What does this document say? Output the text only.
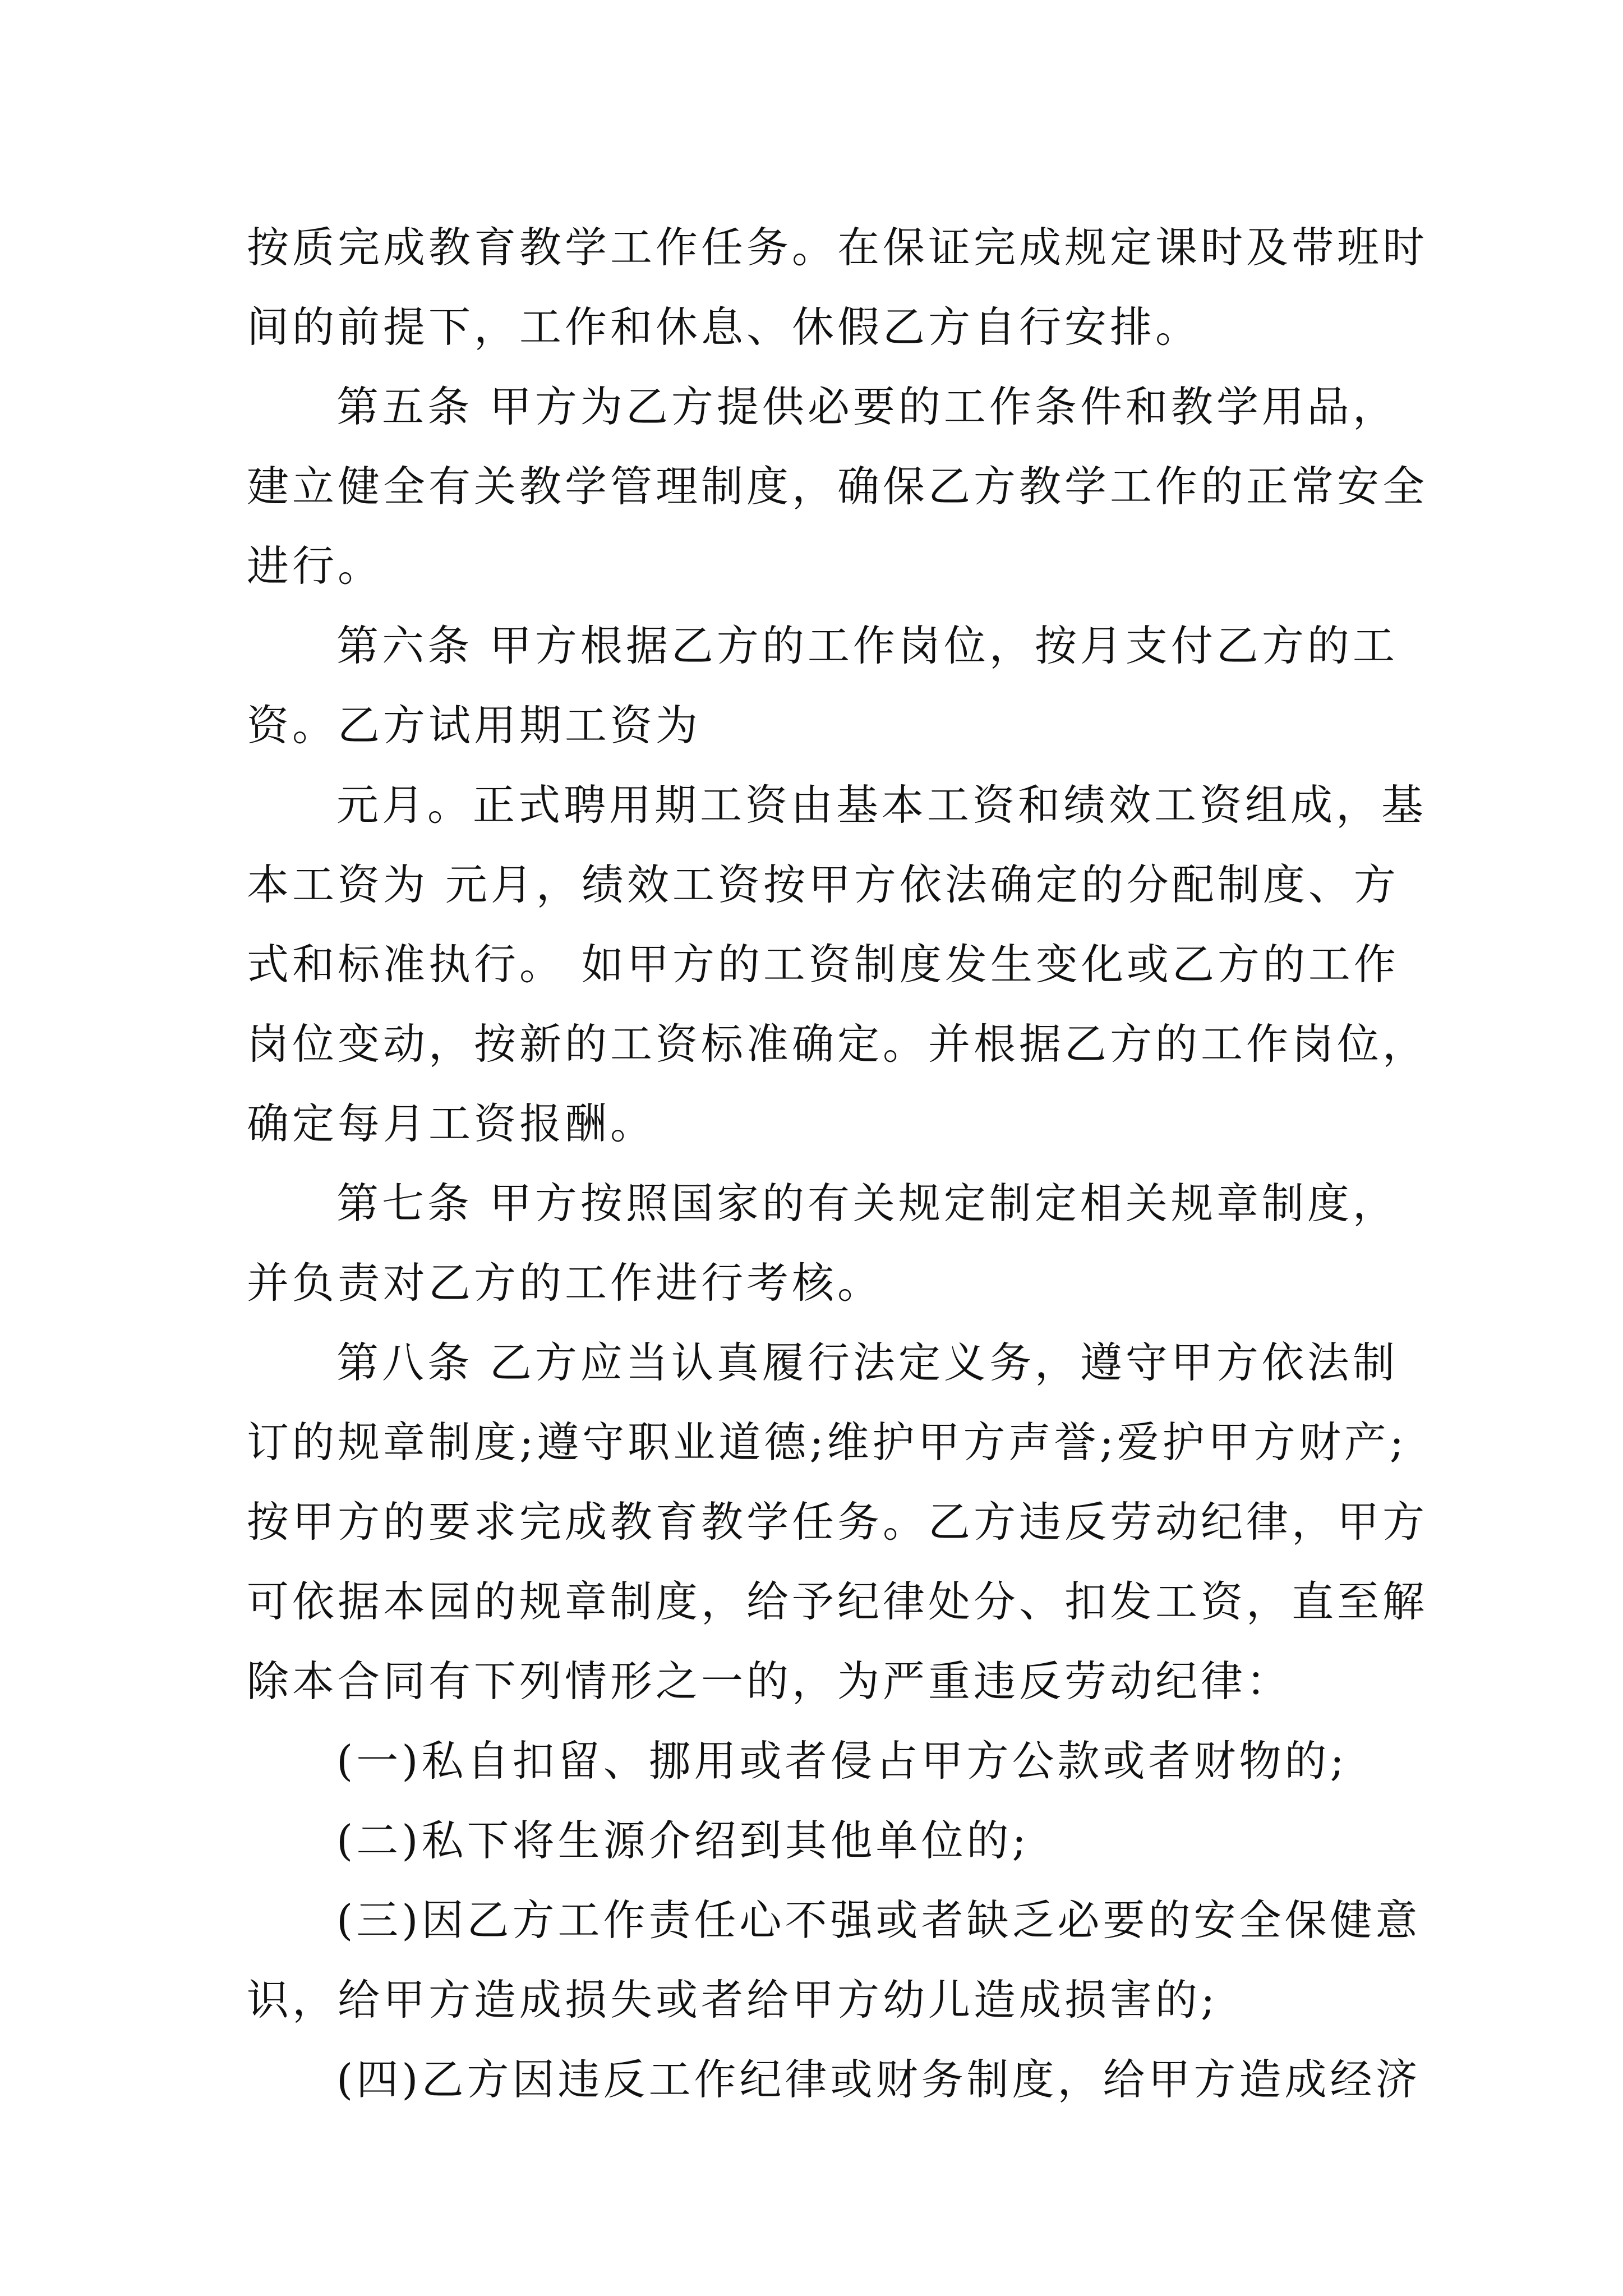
按质完成教育教学工作任务。在保证完成规定课时及带班时
间的前提下，工作和休息、休假乙方自行安排。
第五条 甲方为乙方提供必要的工作条件和教学用品，
建立健全有关教学管理制度，确保乙方教学工作的正常安全
进行。
第六条 甲方根据乙方的工作岗位，按月支付乙方的工
资。乙方试用期工资为
元月。正式聘用期工资由基本工资和绩效工资组成，基
本工资为 元月，绩效工资按甲方依法确定的分配制度、方
式和标准执行。 如甲方的工资制度发生变化或乙方的工作
岗位变动，按新的工资标准确定。并根据乙方的工作岗位，
确定每月工资报酬。
第七条 甲方按照国家的有关规定制定相关规章制度，
并负责对乙方的工作进行考核。
第八条 乙方应当认真履行法定义务，遵守甲方依法制
订的规章制度;遵守职业道德;维护甲方声誉;爱护甲方财产;
按甲方的要求完成教育教学任务。乙方违反劳动纪律，甲方
可依据本园的规章制度，给予纪律处分、扣发工资，直至解
除本合同有下列情形之一的，为严重违反劳动纪律：
(一)私自扣留、挪用或者侵占甲方公款或者财物的;
(二)私下将生源介绍到其他单位的;
(三)因乙方工作责任心不强或者缺乏必要的安全保健意
识，给甲方造成损失或者给甲方幼儿造成损害的;
(四)乙方因违反工作纪律或财务制度，给甲方造成经济
